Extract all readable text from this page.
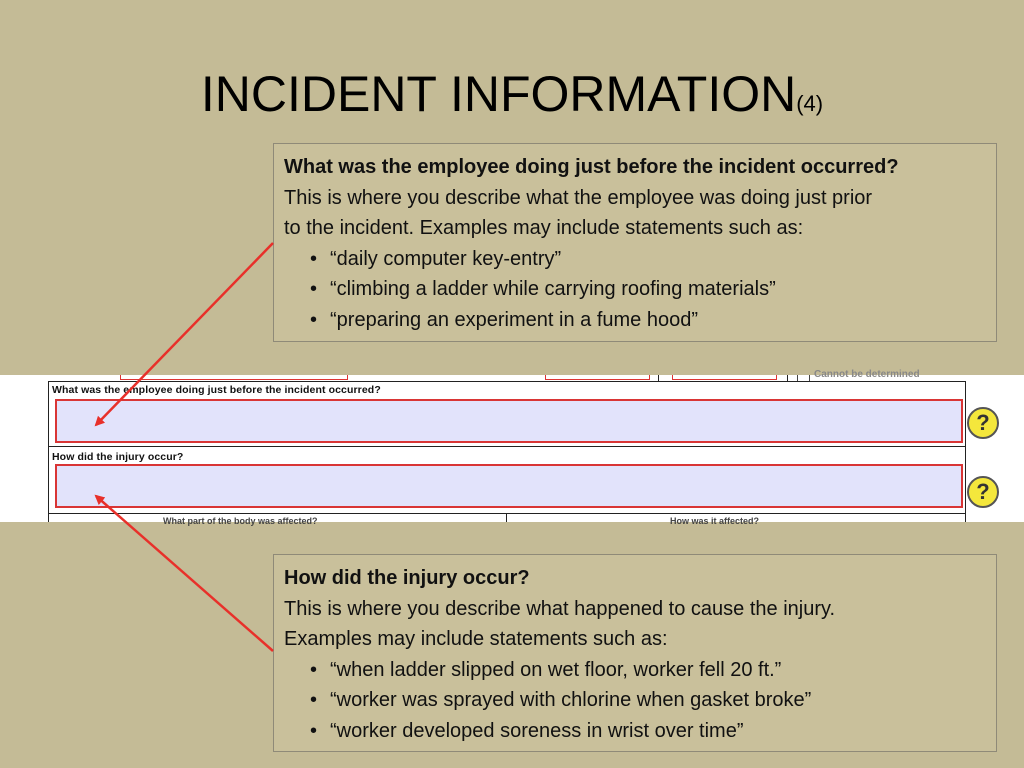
INCIDENT INFORMATION(4)
What was the employee doing just before the incident occurred?
This is where you describe what the employee was doing just prior
to the incident. Examples may include statements such as:
• “daily computer key-entry”
• “climbing a ladder while carrying roofing materials”
• “preparing an experiment in a fume hood”
Cannot be determined
What was the employee doing just before the incident occurred?
?
How did the injury occur?
?
What part of the body was affected?	How was it affected?
How did the injury occur?
This is where you describe what happened to cause the injury.
Examples may include statements such as:
• “when ladder slipped on wet floor, worker fell 20 ft.”
• “worker was sprayed with chlorine when gasket broke”
• “worker developed soreness in wrist over time”
